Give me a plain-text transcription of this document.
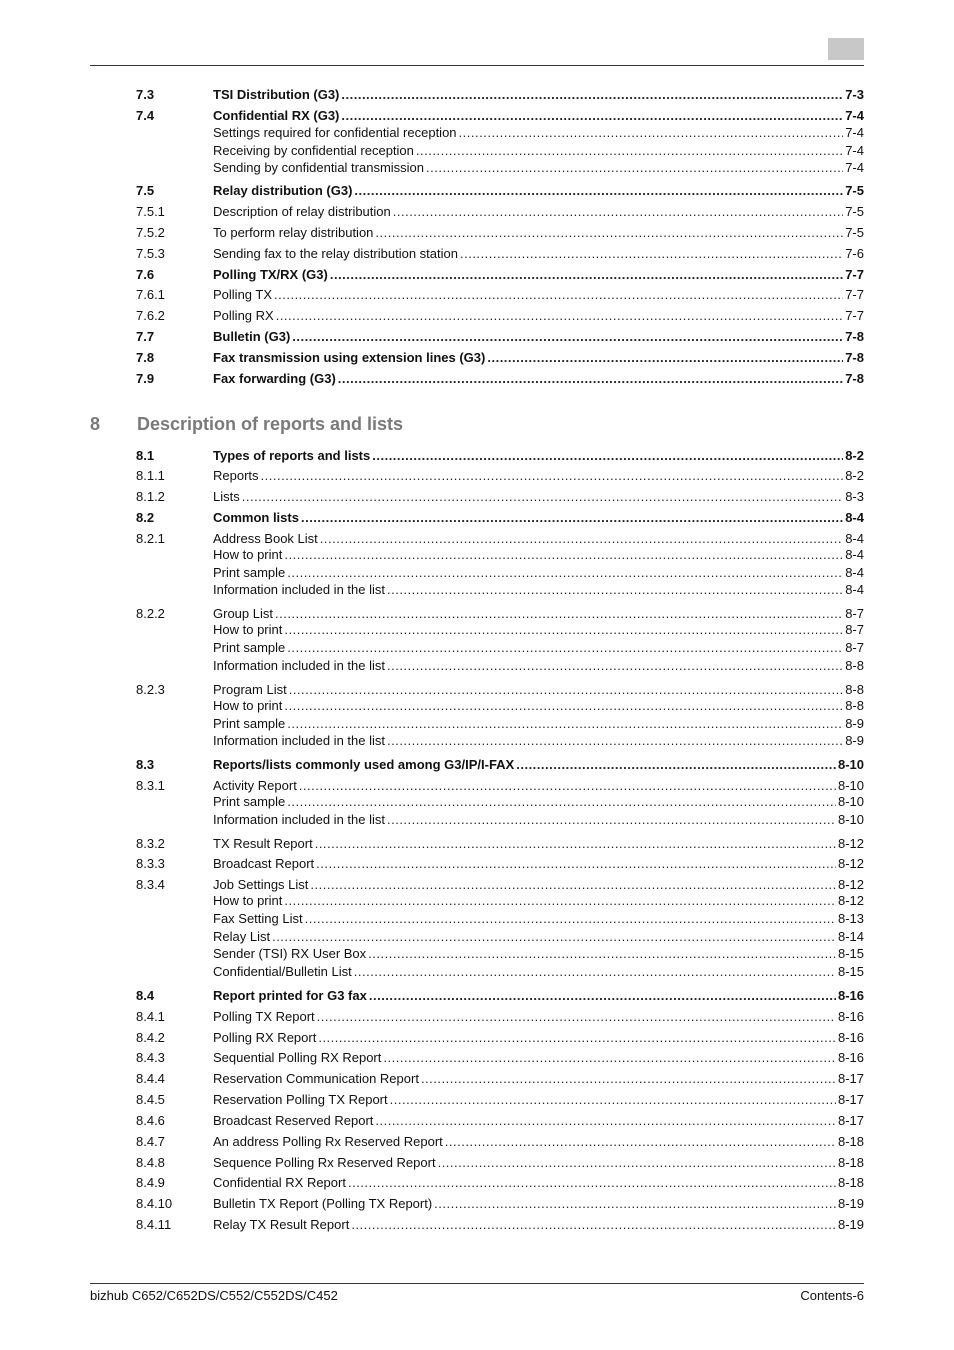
8 Description of reports and lists
7.3	TSI Distribution (G3) .....	7-3
7.4	Confidential RX (G3) .....	7-4
Settings required for confidential reception .....	7-4
Receiving by confidential reception .....	7-4
Sending by confidential transmission .....	7-4
7.5	Relay distribution (G3) .....	7-5
7.5.1	Description of relay distribution .....	7-5
7.5.2	To perform relay distribution .....	7-5
7.5.3	Sending fax to the relay distribution station .....	7-6
7.6	Polling TX/RX (G3) .....	7-7
7.6.1	Polling TX .....	7-7
7.6.2	Polling RX .....	7-7
7.7	Bulletin (G3) .....	7-8
7.8	Fax transmission using extension lines (G3) .....	7-8
7.9	Fax forwarding (G3) .....	7-8
8.1	Types of reports and lists .....	8-2
8.1.1	Reports .....	8-2
8.1.2	Lists .....	8-3
8.2	Common lists .....	8-4
8.2.1	Address Book List .....	8-4
How to print .....	8-4
Print sample .....	8-4
Information included in the list .....	8-4
8.2.2	Group List .....	8-7
How to print .....	8-7
Print sample .....	8-7
Information included in the list .....	8-8
8.2.3	Program List .....	8-8
How to print .....	8-8
Print sample .....	8-9
Information included in the list .....	8-9
8.3	Reports/lists commonly used among G3/IP/I-FAX .....	8-10
8.3.1	Activity Report .....	8-10
Print sample .....	8-10
Information included in the list .....	8-10
8.3.2	TX Result Report .....	8-12
8.3.3	Broadcast Report .....	8-12
8.3.4	Job Settings List .....	8-12
How to print .....	8-12
Fax Setting List .....	8-13
Relay List .....	8-14
Sender (TSI) RX User Box .....	8-15
Confidential/Bulletin List .....	8-15
8.4	Report printed for G3 fax .....	8-16
8.4.1	Polling TX Report .....	8-16
8.4.2	Polling RX Report .....	8-16
8.4.3	Sequential Polling RX Report .....	8-16
8.4.4	Reservation Communication Report .....	8-17
8.4.5	Reservation Polling TX Report .....	8-17
8.4.6	Broadcast Reserved Report .....	8-17
8.4.7	An address Polling Rx Reserved Report .....	8-18
8.4.8	Sequence Polling Rx Reserved Report .....	8-18
8.4.9	Confidential RX Report .....	8-18
8.4.10	Bulletin TX Report (Polling TX Report) .....	8-19
8.4.11	Relay TX Result Report .....	8-19
bizhub C652/C652DS/C552/C552DS/C452	Contents-6
